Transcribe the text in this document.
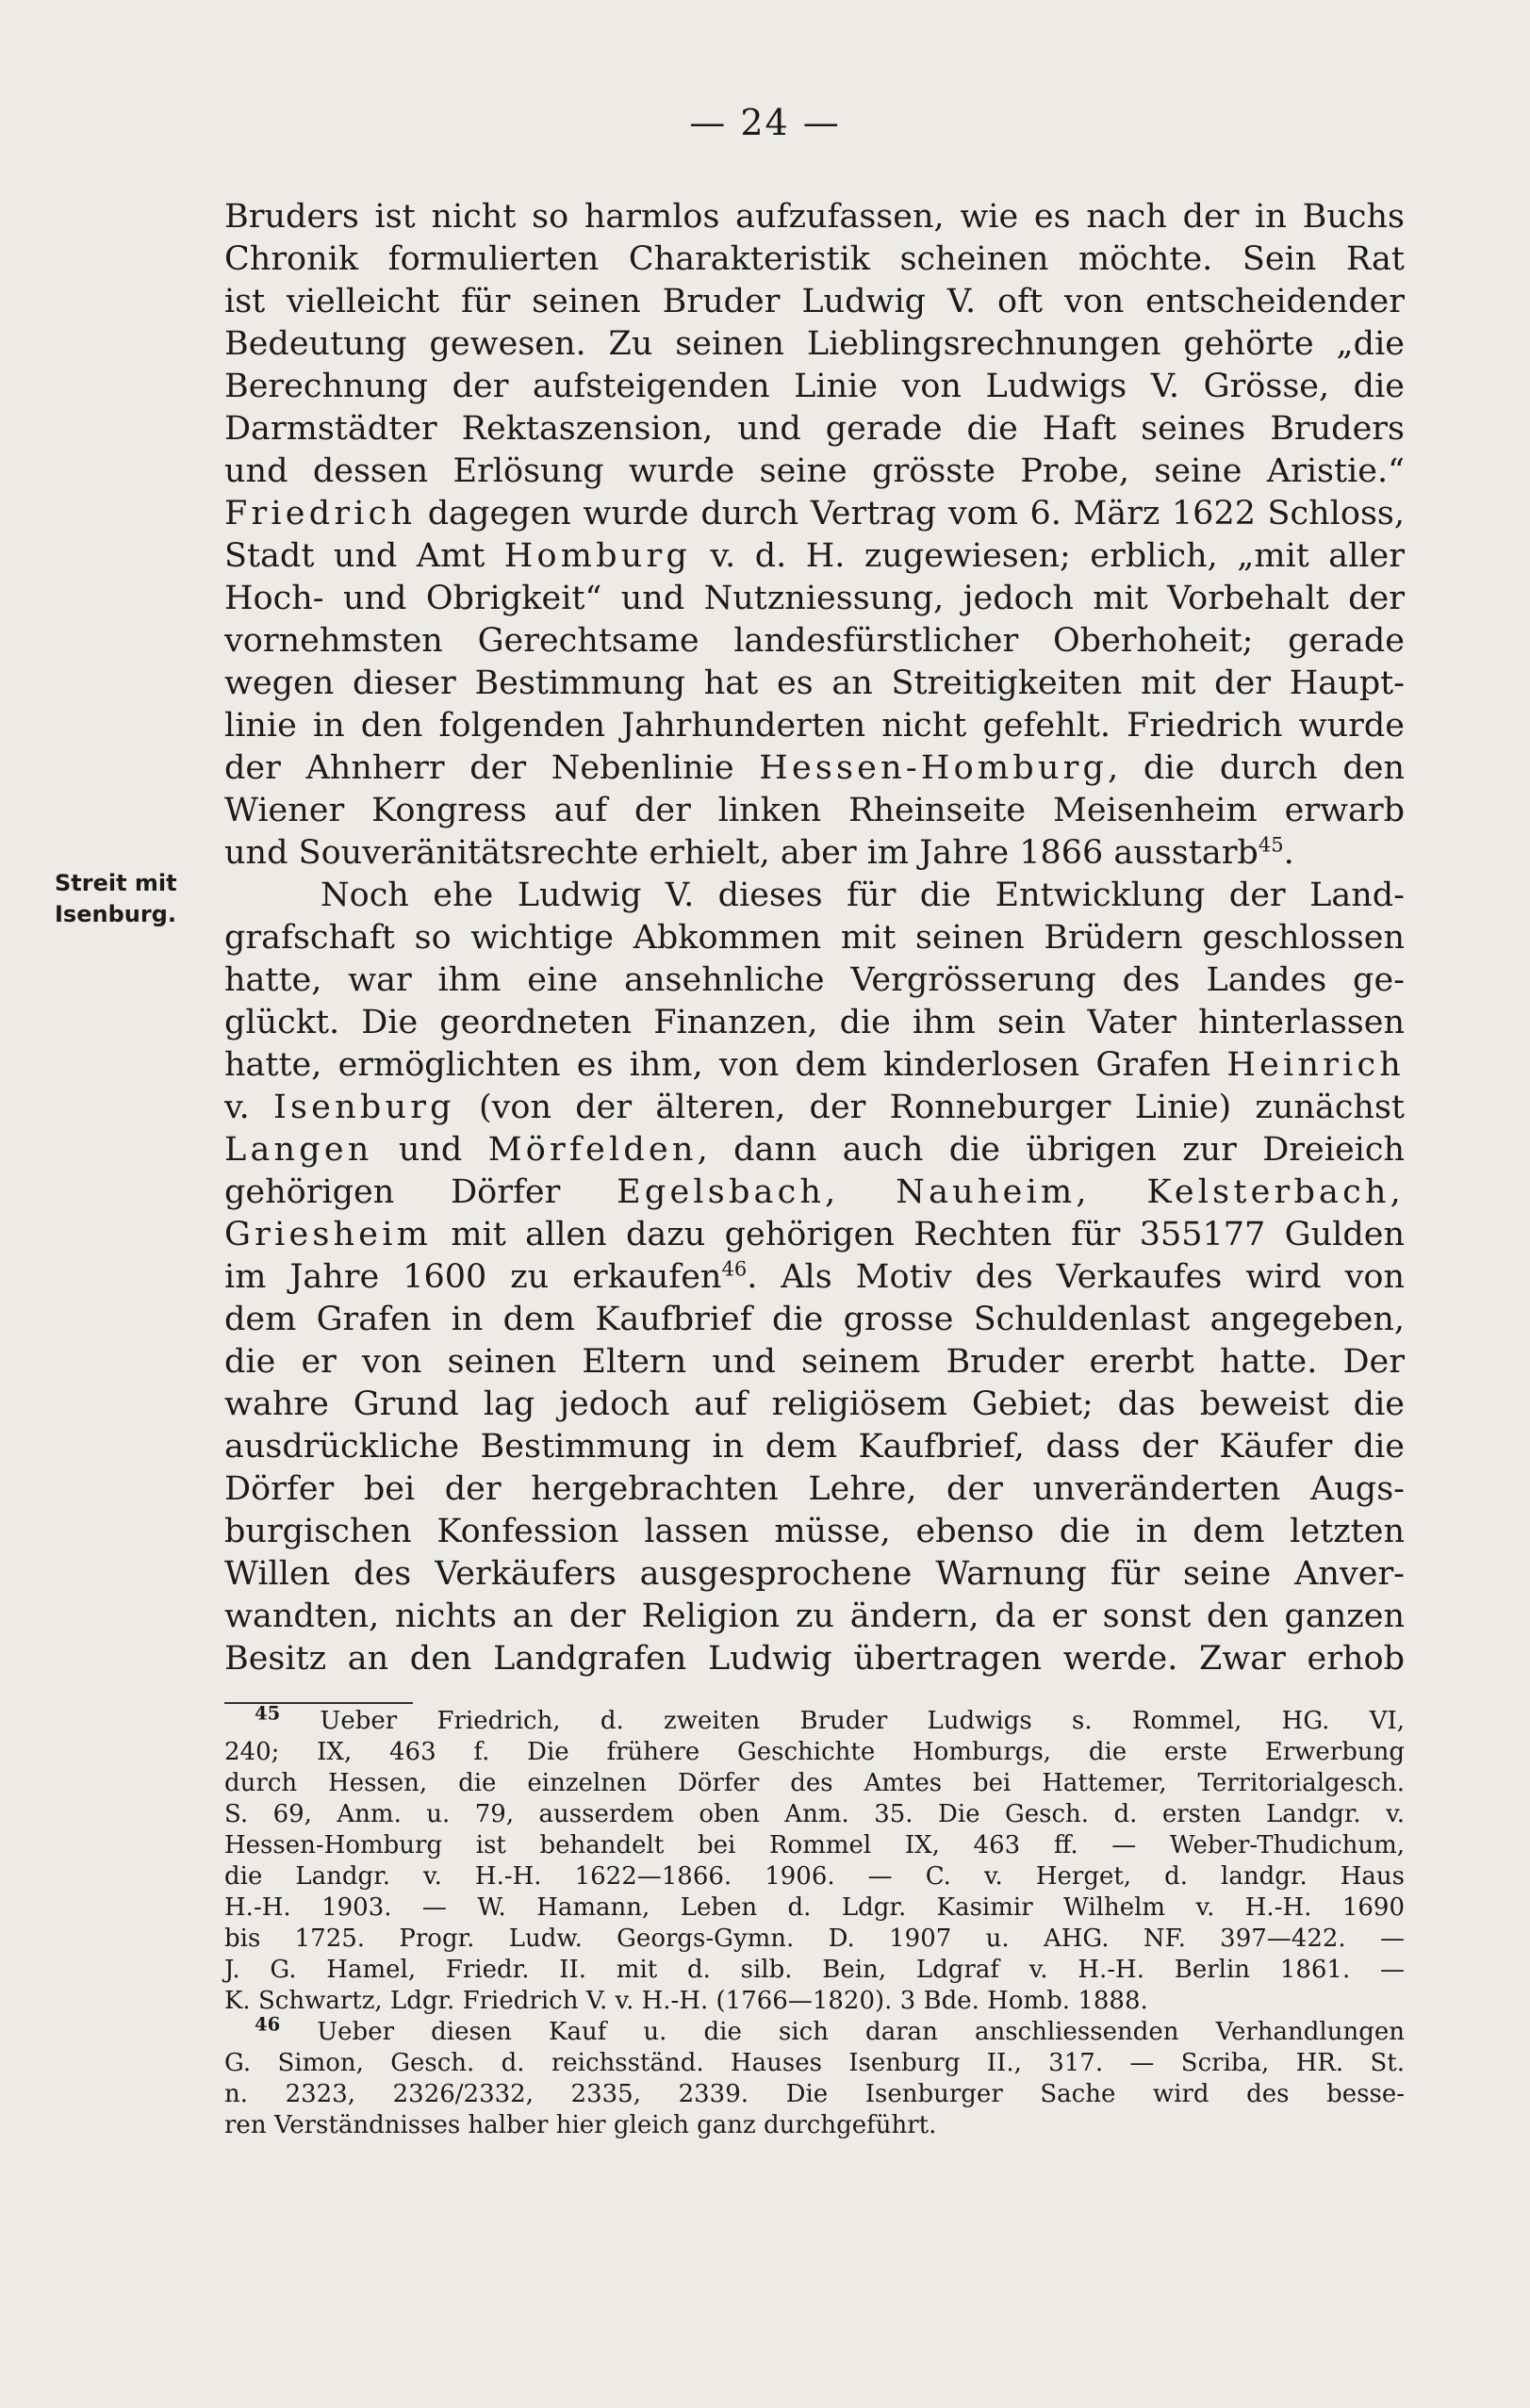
— 24 —
Streit mit
Isenburg.
Bruders ist nicht so harmlos aufzufassen, wie es nach der in Buchs
Chronik formulierten Charakteristik scheinen möchte. Sein Rat
ist vielleicht für seinen Bruder Ludwig V. oft von entscheidender
Bedeutung gewesen. Zu seinen Lieblingsrechnungen gehörte „die
Berechnung der aufsteigenden Linie von Ludwigs V. Grösse, die
Darmstädter Rektaszension, und gerade die Haft seines Bruders
und dessen Erlösung wurde seine grösste Probe, seine Aristie.“
Friedrich dagegen wurde durch Vertrag vom 6. März 1622 Schloss,
Stadt und Amt Homburg v. d. H. zugewiesen; erblich, „mit aller
Hoch- und Obrigkeit“ und Nutzniessung, jedoch mit Vorbehalt der
vornehmsten Gerechtsame landesfürstlicher Oberhoheit; gerade
wegen dieser Bestimmung hat es an Streitigkeiten mit der Haupt-
linie in den folgenden Jahrhunderten nicht gefehlt. Friedrich wurde
der Ahnherr der Nebenlinie Hessen-Homburg, die durch den
Wiener Kongress auf der linken Rheinseite Meisenheim erwarb
und Souveränitätsrechte erhielt, aber im Jahre 1866 ausstarb$^{45}$.
Noch ehe Ludwig V. dieses für die Entwicklung der Land-
grafschaft so wichtige Abkommen mit seinen Brüdern geschlossen
hatte, war ihm eine ansehnliche Vergrösserung des Landes ge-
glückt. Die geordneten Finanzen, die ihm sein Vater hinterlassen
hatte, ermöglichten es ihm, von dem kinderlosen Grafen Heinrich
v. Isenburg (von der älteren, der Ronneburger Linie) zunächst
Langen und Mörfelden, dann auch die übrigen zur Dreieich
gehörigen Dörfer Egelsbach, Nauheim, Kelsterbach,
Griesheim mit allen dazu gehörigen Rechten für 355177 Gulden
im Jahre 1600 zu erkaufen$^{46}$. Als Motiv des Verkaufes wird von
dem Grafen in dem Kaufbrief die grosse Schuldenlast angegeben,
die er von seinen Eltern und seinem Bruder ererbt hatte. Der
wahre Grund lag jedoch auf religiösem Gebiet; das beweist die
ausdrückliche Bestimmung in dem Kaufbrief, dass der Käufer die
Dörfer bei der hergebrachten Lehre, der unveränderten Augs-
burgischen Konfession lassen müsse, ebenso die in dem letzten
Willen des Verkäufers ausgesprochene Warnung für seine Anver-
wandten, nichts an der Religion zu ändern, da er sonst den ganzen
Besitz an den Landgrafen Ludwig übertragen werde. Zwar erhob
$^{45}$ Ueber Friedrich, d. zweiten Bruder Ludwigs s. Rommel, HG. VI,
240; IX, 463 f. Die frühere Geschichte Homburgs, die erste Erwerbung
durch Hessen, die einzelnen Dörfer des Amtes bei Hattemer, Territorialgesch.
S. 69, Anm. u. 79, ausserdem oben Anm. 35. Die Gesch. d. ersten Landgr. v.
Hessen-Homburg ist behandelt bei Rommel IX, 463 ff. — Weber-Thudichum,
die Landgr. v. H.-H. 1622—1866. 1906. — C. v. Herget, d. landgr. Haus
H.-H. 1903. — W. Hamann, Leben d. Ldgr. Kasimir Wilhelm v. H.-H. 1690
bis 1725. Progr. Ludw. Georgs-Gymn. D. 1907 u. AHG. NF. 397—422. —
J. G. Hamel, Friedr. II. mit d. silb. Bein, Ldgraf v. H.-H. Berlin 1861. —
K. Schwartz, Ldgr. Friedrich V. v. H.-H. (1766—1820). 3 Bde. Homb. 1888.
$^{46}$ Ueber diesen Kauf u. die sich daran anschliessenden Verhandlungen
G. Simon, Gesch. d. reichsständ. Hauses Isenburg II., 317. — Scriba, HR. St.
n. 2323, 2326/2332, 2335, 2339. Die Isenburger Sache wird des besse-
ren Verständnisses halber hier gleich ganz durchgeführt.
